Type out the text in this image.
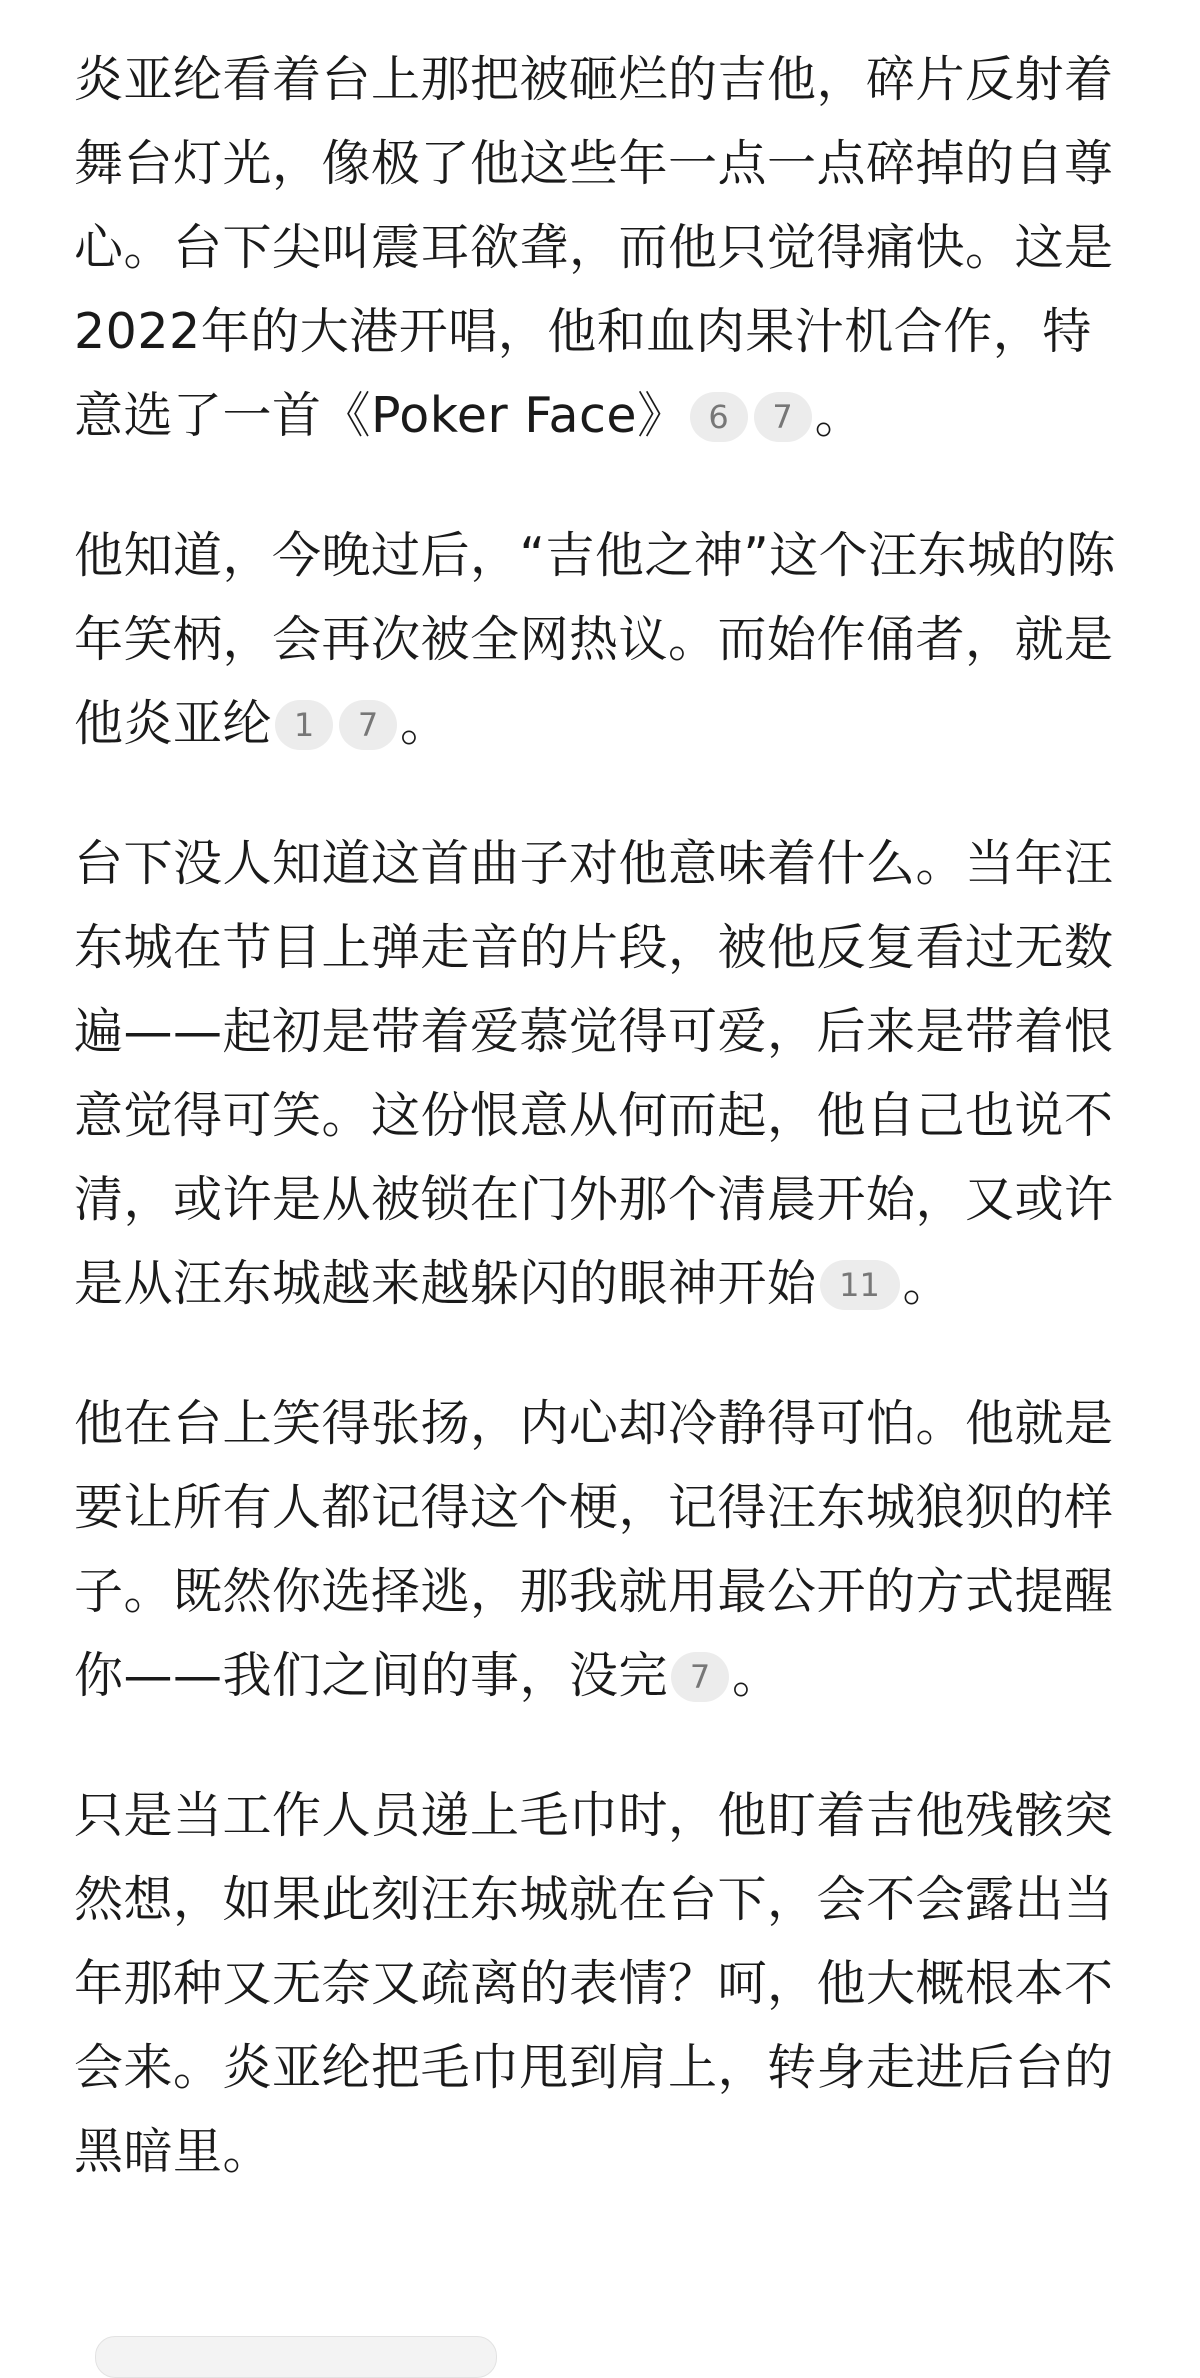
炎亚纶看着台上那把被砸烂的吉他，碎片反射着舞台灯光，像极了他这些年一点一点碎掉的自尊心。台下尖叫震耳欲聋，而他只觉得痛快。这是2022年的大港开唱，他和血肉果汁机合作，特意选了一首《Poker Face》 6 7 。

他知道，今晚过后，“吉他之神”这个汪东城的陈年笑柄，会再次被全网热议。而始作俑者，就是他炎亚纶 1 7 。

台下没人知道这首曲子对他意味着什么。当年汪东城在节目上弹走音的片段，被他反复看过无数遍——起初是带着爱慕觉得可爱，后来是带着恨意觉得可笑。这份恨意从何而起，他自己也说不清，或许是从被锁在门外那个清晨开始，又或许是从汪东城越来越躲闪的眼神开始 11 。

他在台上笑得张扬，内心却冷静得可怕。他就是要让所有人都记得这个梗，记得汪东城狼狈的样子。既然你选择逃，那我就用最公开的方式提醒你——我们之间的事，没完 7 。

只是当工作人员递上毛巾时，他盯着吉他残骸突然想，如果此刻汪东城就在台下，会不会露出当年那种又无奈又疏离的表情？呵，他大概根本不会来。炎亚纶把毛巾甩到肩上，转身走进后台的黑暗里。
